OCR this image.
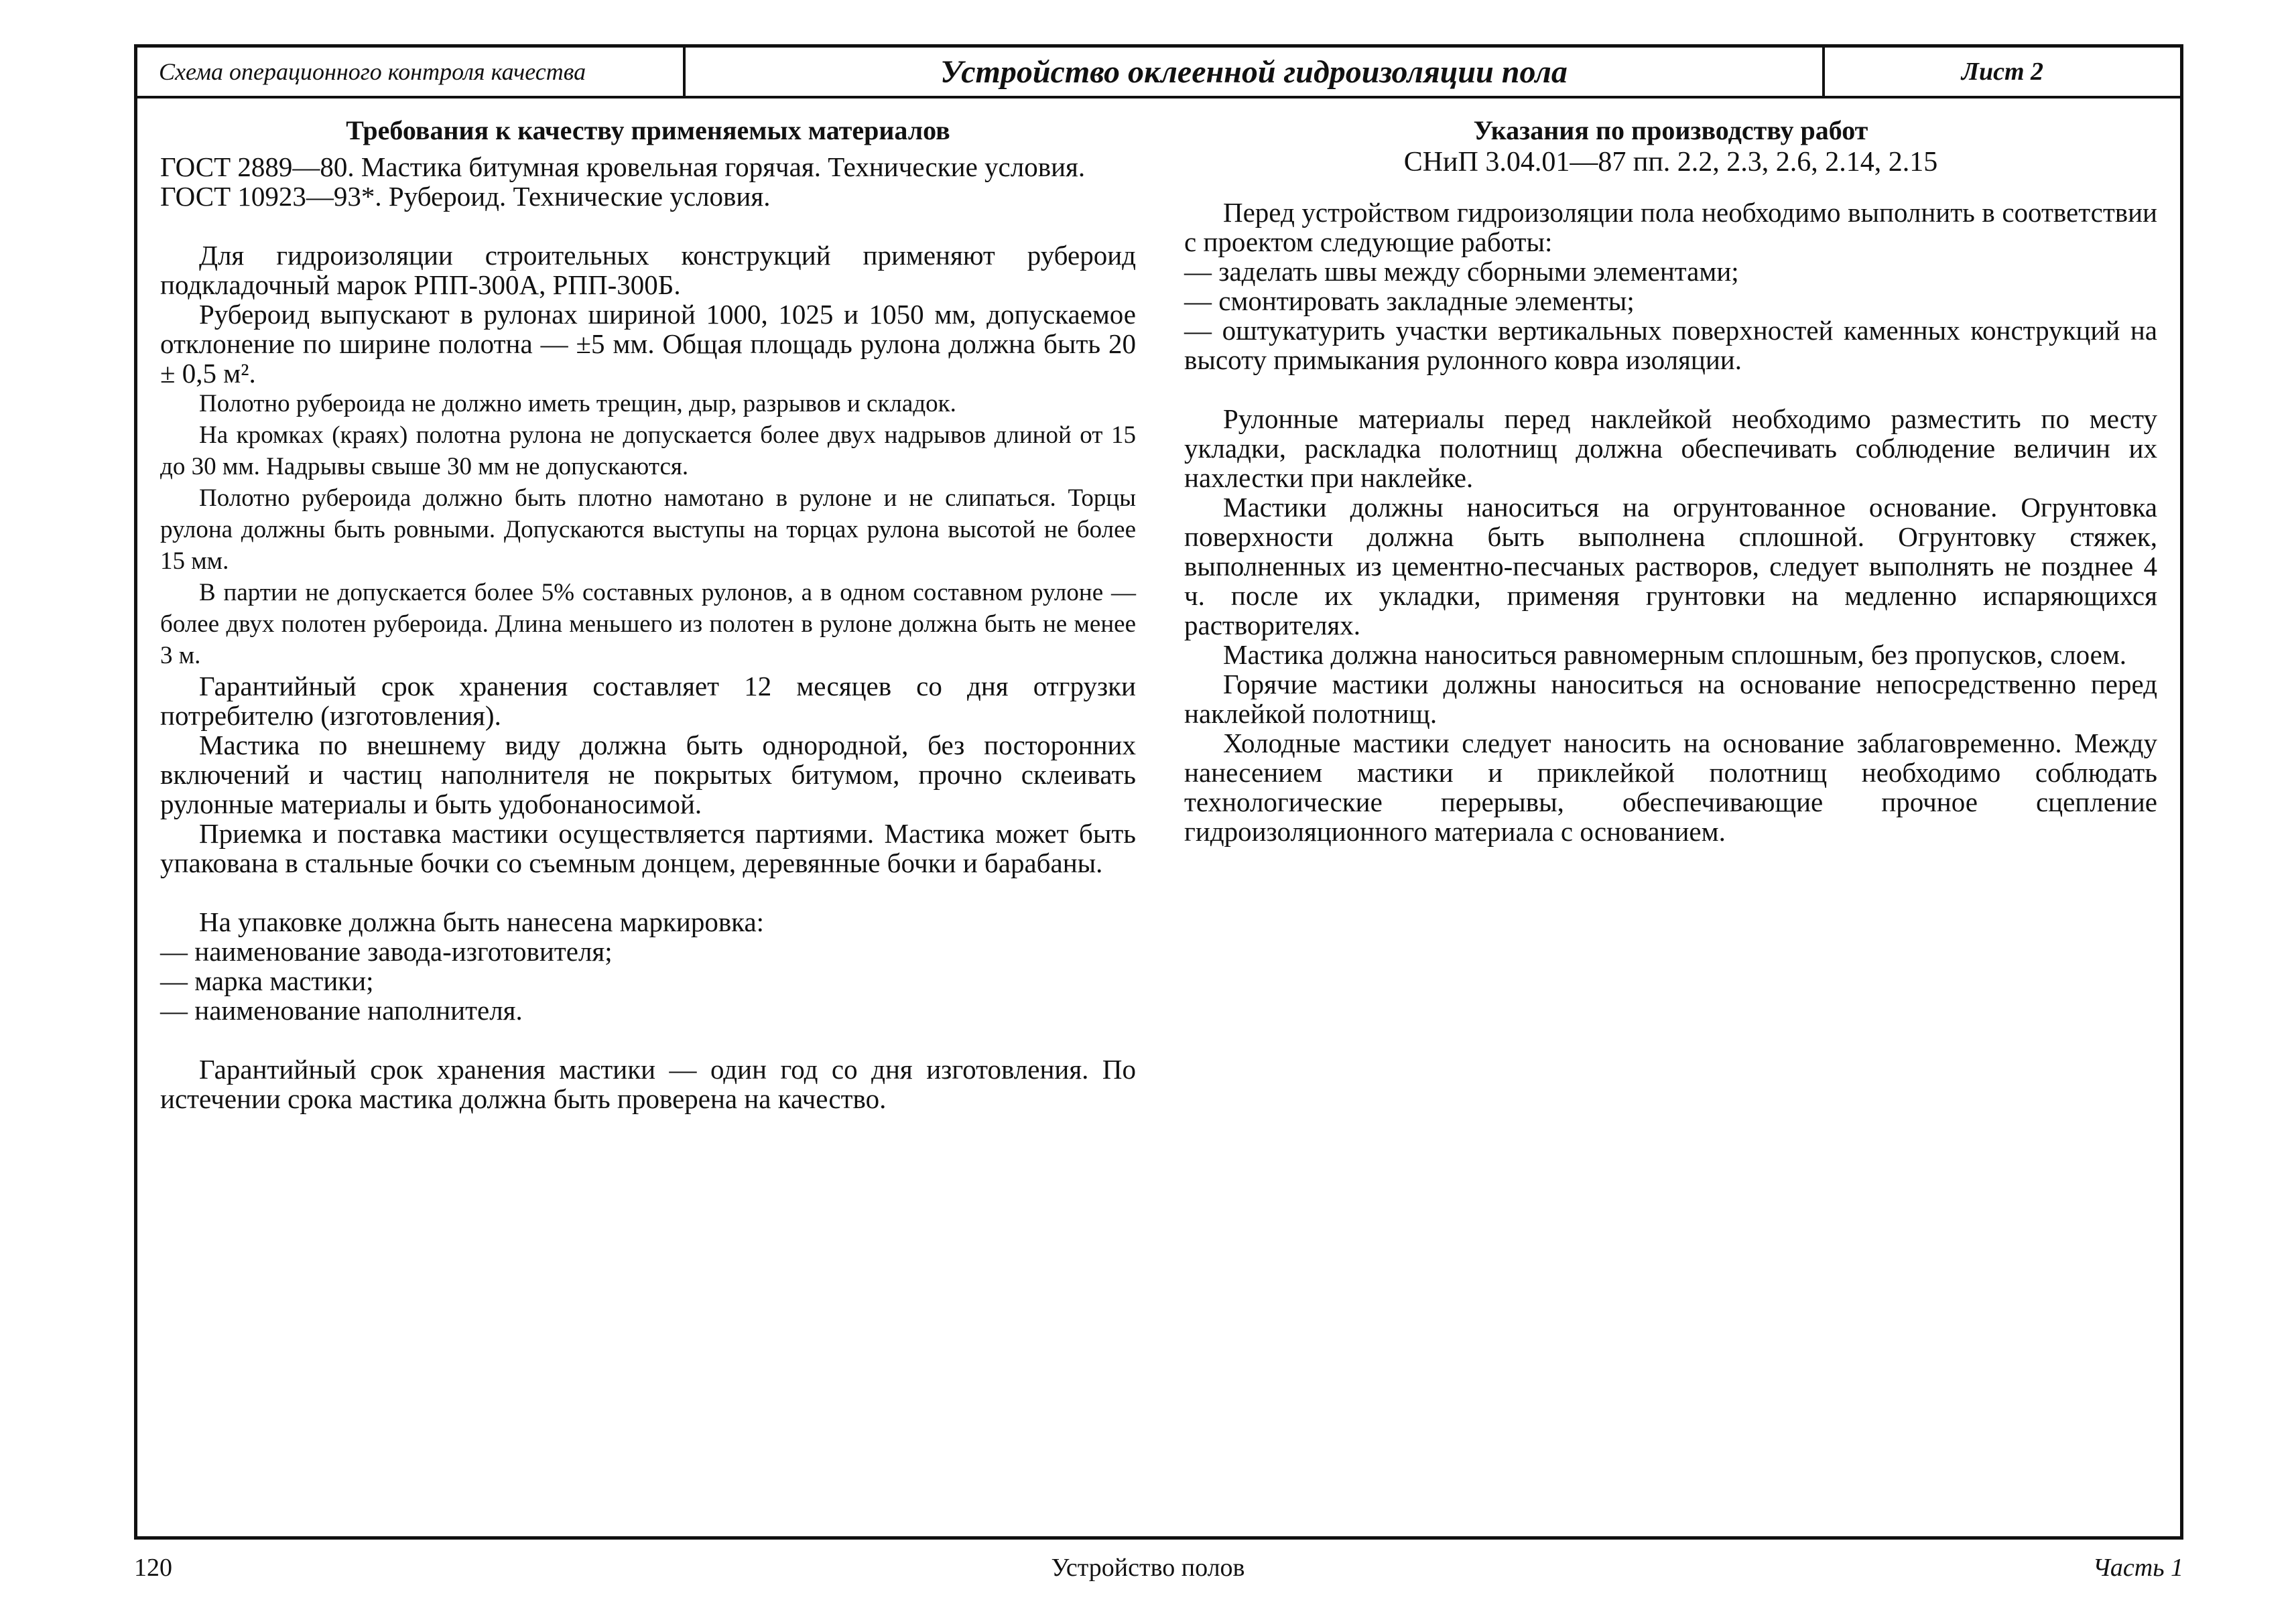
Схема операционного контроля качества	Устройство оклеенной гидроизоляции пола	Лист 2
Требования к качеству применяемых материалов

ГОСТ 2889—80. Мастика битумная кровельная горячая. Технические условия.

ГОСТ 10923—93*. Рубероид. Технические условия.

Для гидроизоляции строительных конструкций применяют рубероид подкладочный марок РПП-300А, РПП-300Б.

Рубероид выпускают в рулонах шириной 1000, 1025 и 1050 мм, допускаемое отклонение по ширине полотна — ±5 мм. Общая площадь рулона должна быть 20 ± 0,5 м².

Полотно рубероида не должно иметь трещин, дыр, разрывов и складок.

На кромках (краях) полотна рулона не допускается более двух надрывов длиной от 15 до 30 мм. Надрывы свыше 30 мм не допускаются.

Полотно рубероида должно быть плотно намотано в рулоне и не слипаться. Торцы рулона должны быть ровными. Допускаются выступы на торцах рулона высотой не более 15 мм.

В партии не допускается более 5% составных рулонов, а в одном составном рулоне — более двух полотен рубероида. Длина меньшего из полотен в рулоне должна быть не менее 3 м.

Гарантийный срок хранения составляет 12 месяцев со дня отгрузки потребителю (изготовления).

Мастика по внешнему виду должна быть однородной, без посторонних включений и частиц наполнителя не покрытых битумом, прочно склеивать рулонные материалы и быть удобонаносимой.

Приемка и поставка мастики осуществляется партиями. Мастика может быть упакована в стальные бочки со съемным донцем, деревянные бочки и барабаны.

На упаковке должна быть нанесена маркировка:

— наименование завода-изготовителя;

— марка мастики;

— наименование наполнителя.

Гарантийный срок хранения мастики — один год со дня изготовления. По истечении срока мастика должна быть проверена на качество.

Указания по производству работ
СНиП 3.04.01—87 пп. 2.2, 2.3, 2.6, 2.14, 2.15

Перед устройством гидроизоляции пола необходимо выполнить в соответствии с проектом следующие работы:

— заделать швы между сборными элементами;

— смонтировать закладные элементы;

— оштукатурить участки вертикальных поверхностей каменных конструкций на высоту примыкания рулонного ковра изоляции.

Рулонные материалы перед наклейкой необходимо разместить по месту укладки, раскладка полотнищ должна обеспечивать соблюдение величин их нахлестки при наклейке.

Мастики должны наноситься на огрунтованное основание. Огрунтовка поверхности должна быть выполнена сплошной. Огрунтовку стяжек, выполненных из цементно-песчаных растворов, следует выполнять не позднее 4 ч. после их укладки, применяя грунтовки на медленно испаряющихся растворителях.

Мастика должна наноситься равномерным сплошным, без пропусков, слоем.

Горячие мастики должны наноситься на основание непосредственно перед наклейкой полотнищ.

Холодные мастики следует наносить на основание заблаговременно. Между нанесением мастики и приклейкой полотнищ необходимо соблюдать технологические перерывы, обеспечивающие прочное сцепление гидроизоляционного материала с основанием.

120	Устройство полов	Часть 1
